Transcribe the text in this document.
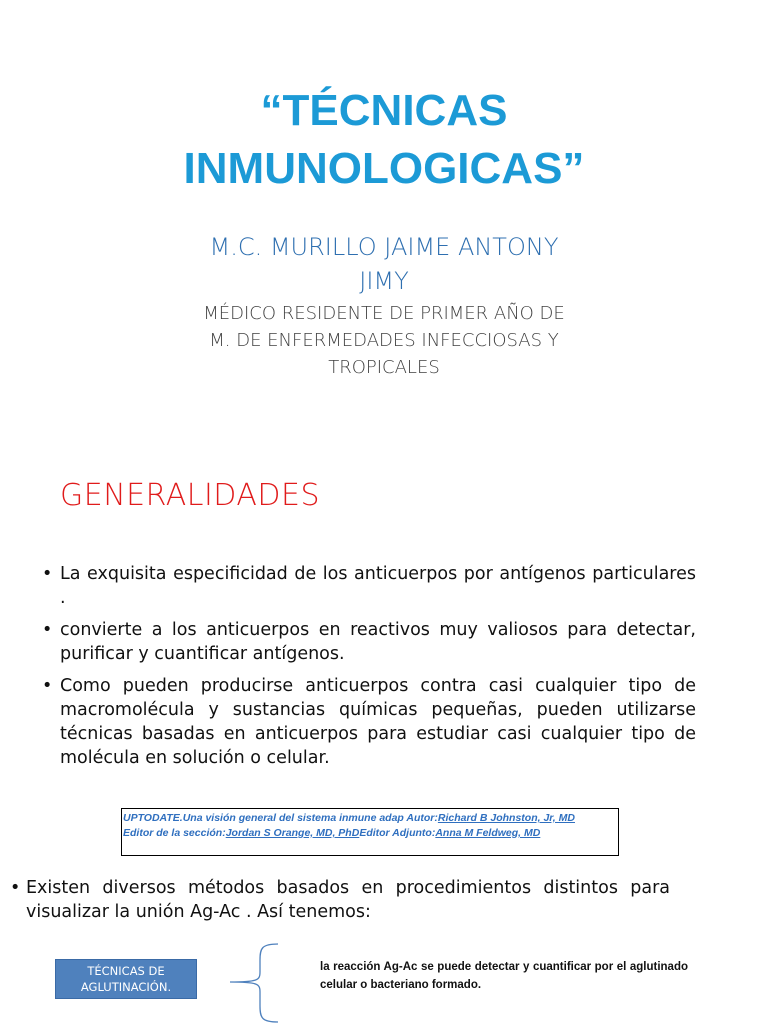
“TÉCNICAS
INMUNOLOGICAS”
M.C. MURILLO JAIME ANTONY
JIMY
MÉDICO RESIDENTE DE PRIMER AÑO DE
M. DE ENFERMEDADES INFECCIOSAS Y
TROPICALES
GENERALIDADES
• La exquisita especificidad de los anticuerpos por antígenos particulares .
• convierte a los anticuerpos en reactivos muy valiosos para detectar, purificar y cuantificar antígenos.
• Como pueden producirse anticuerpos contra casi cualquier tipo de macromolécula y sustancias químicas pequeñas, pueden utilizarse técnicas basadas en anticuerpos para estudiar casi cualquier tipo de molécula en solución o celular.
UPTODATE.Una visión general del sistema inmune adap Autor:Richard B Johnston, Jr, MD
Editor de la sección:Jordan S Orange, MD, PhDEditor Adjunto:Anna M Feldweg, MD
• Existen diversos métodos basados en procedimientos distintos para visualizar la unión Ag-Ac . Así tenemos:
TÉCNICAS DE
AGLUTINACIÓN.
la reacción Ag-Ac se puede detectar y cuantificar por el aglutinado celular o bacteriano formado.
